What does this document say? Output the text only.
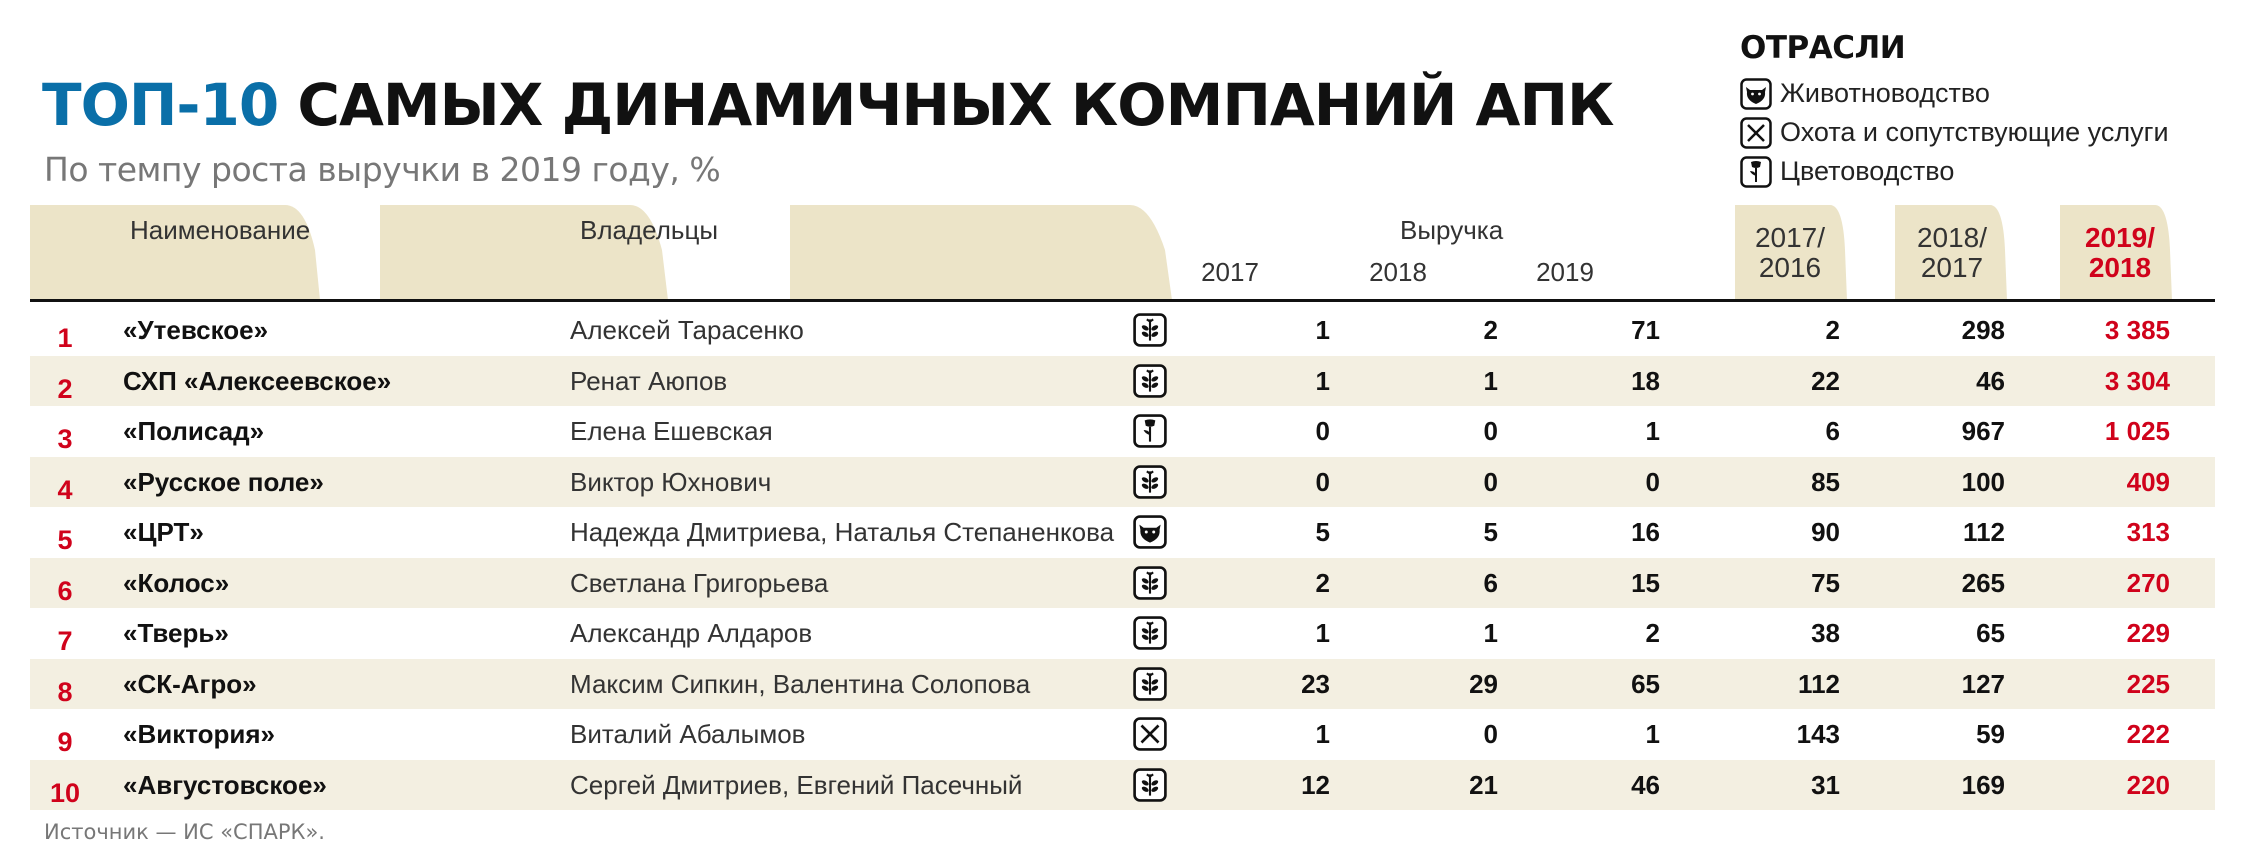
ТОП-10 САМЫХ ДИНАМИЧНЫХ КОМПАНИЙ АПК
По темпу роста выручки в 2019 году, %
ОТРАСЛИ
Животноводство
Охота и сопутствующие услуги
Цветоводство
Наименование	Владельцы	Выручка
2017	2018	2019
2017/
2016
2018/
2017
2019/
2018
1	«Утевское»	Алексей Тарасенко	1	2	71	2	298	3 385
2	СХП «Алексеевское»	Ренат Аюпов	1	1	18	22	46	3 304
3	«Полисад»	Елена Ешевская	0	0	1	6	967	1 025
4	«Русское поле»	Виктор Юхнович	0	0	0	85	100	409
5	«ЦРТ»	Надежда Дмитриева, Наталья Степаненкова	5	5	16	90	112	313
6	«Колос»	Светлана Григорьева	2	6	15	75	265	270
7	«Тверь»	Александр Алдаров	1	1	2	38	65	229
8	«СК-Агро»	Максим Сипкин, Валентина Солопова	23	29	65	112	127	225
9	«Виктория»	Виталий Абалымов	1	0	1	143	59	222
10	«Августовское»	Сергей Дмитриев, Евгений Пасечный	12	21	46	31	169	220
Источник — ИС «СПАРК».
